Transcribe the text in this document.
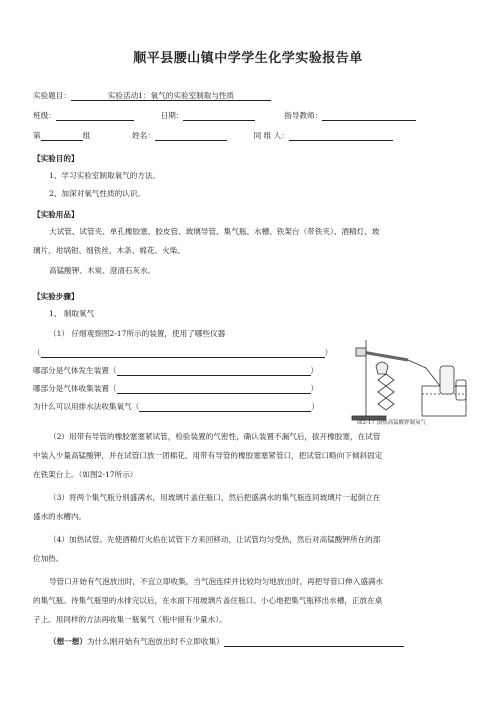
顺平县腰山镇中学学生化学实验报告单
实验题目：	实验活动1：氧气的实验室制取与性质
班级：	日期：	指导教师：
第	组	姓名：	同 组 人：
【实验目的】
1、学习实验室制取氧气的方法。
2、加深对氧气性质的认识。
【实验用品】
大试管、试管夹、单孔橡胶塞、胶皮管、玻璃导管、集气瓶、水槽、铁架台（带铁夹）、酒精灯、玻
璃片、坩埚钳、细铁丝、木条、棉花、火柴。
高锰酸钾、木炭、澄清石灰水。
【实验步骤】
1、 制取氧气
（1） 仔细观察图2-17所示的装置，使用了哪些仪器
（	）
哪部分是气体发生装置（	）
哪部分是气体收集装置（	）
为什么可以用排水法收集氧气（	）
图2-17 加热高锰酸钾制氧气
（2）用带有导管的橡胶塞塞紧试管，检验装置的气密性，确认装置不漏气后，拔开橡胶塞，在试管
中装入少量高锰酸钾，并在试管口放一团棉花，用带有导管的橡胶塞塞紧管口，把试管口略向下倾斜固定
在铁架台上。（如图2-17所示）
（3）将两个集气瓶分别盛满水，用玻璃片盖住瓶口，然后把盛满水的集气瓶连同玻璃片一起倒立在
盛水的水槽内。
（4）加热试管。先使酒精灯火焰在试管下方来回移动，让试管均匀受热，然后对高锰酸钾所在的部
位加热。
导管口开始有气泡放出时，不宜立即收集，当气泡连续并比较均匀地放出时，再把导管口伸入盛满水
的集气瓶。待集气瓶里的水排完以后，在水面下用玻璃片盖住瓶口。小心地把集气瓶移出水槽，正放在桌
子上。用同样的方法再收集一瓶氧气（瓶中留有少量水）。
（想一想）为什么刚开始有气泡放出时不立即收集）
